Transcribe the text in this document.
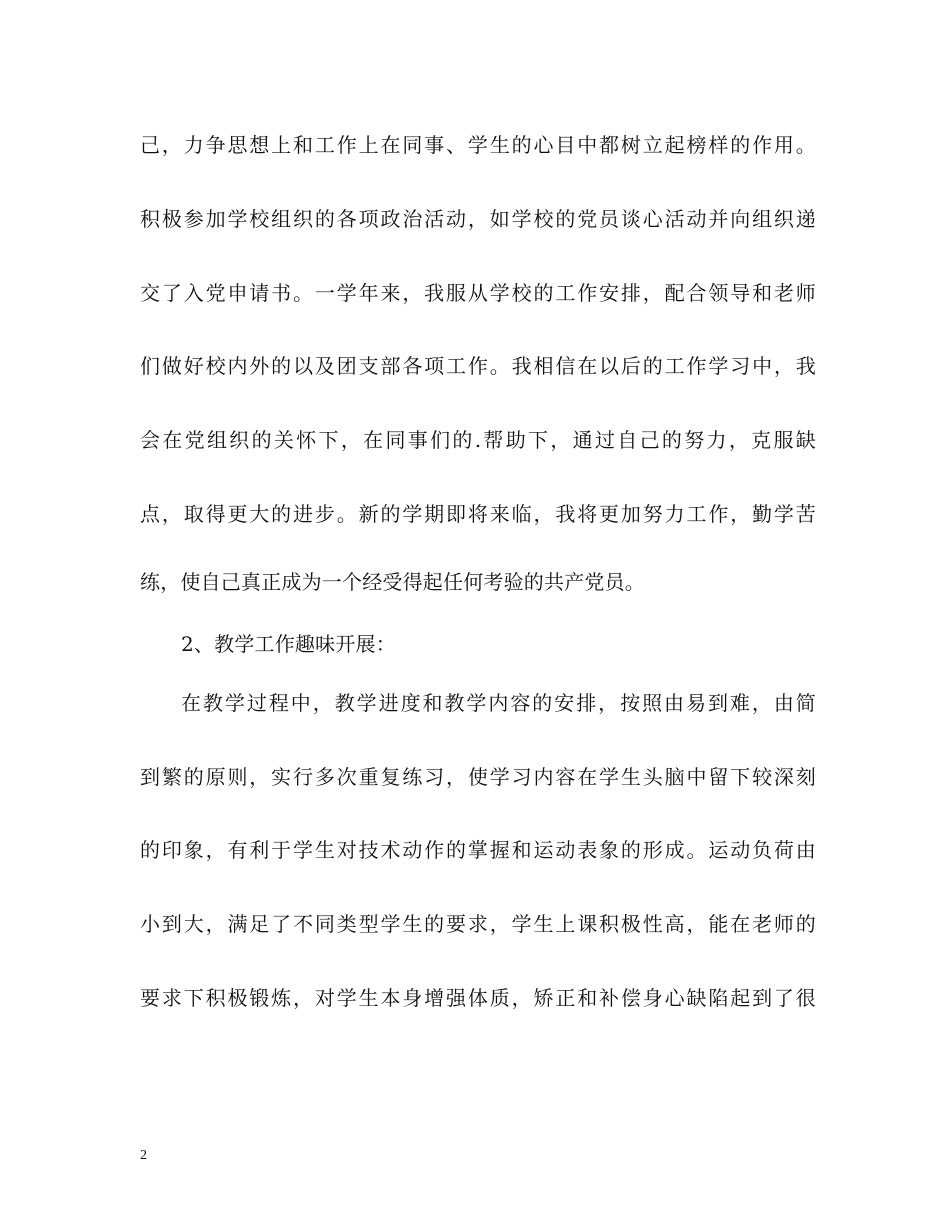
己，力争思想上和工作上在同事、学生的心目中都树立起榜样的作用。
积极参加学校组织的各项政治活动，如学校的党员谈心活动并向组织递
交了入党申请书。一学年来，我服从学校的工作安排，配合领导和老师
们做好校内外的以及团支部各项工作。我相信在以后的工作学习中，我
会在党组织的关怀下，在同事们的.帮助下，通过自己的努力，克服缺
点，取得更大的进步。新的学期即将来临，我将更加努力工作，勤学苦
练，使自己真正成为一个经受得起任何考验的共产党员。
2、教学工作趣味开展：
在教学过程中，教学进度和教学内容的安排，按照由易到难，由简
到繁的原则，实行多次重复练习，使学习内容在学生头脑中留下较深刻
的印象，有利于学生对技术动作的掌握和运动表象的形成。运动负荷由
小到大，满足了不同类型学生的要求，学生上课积极性高，能在老师的
要求下积极锻炼，对学生本身增强体质，矫正和补偿身心缺陷起到了很
2
